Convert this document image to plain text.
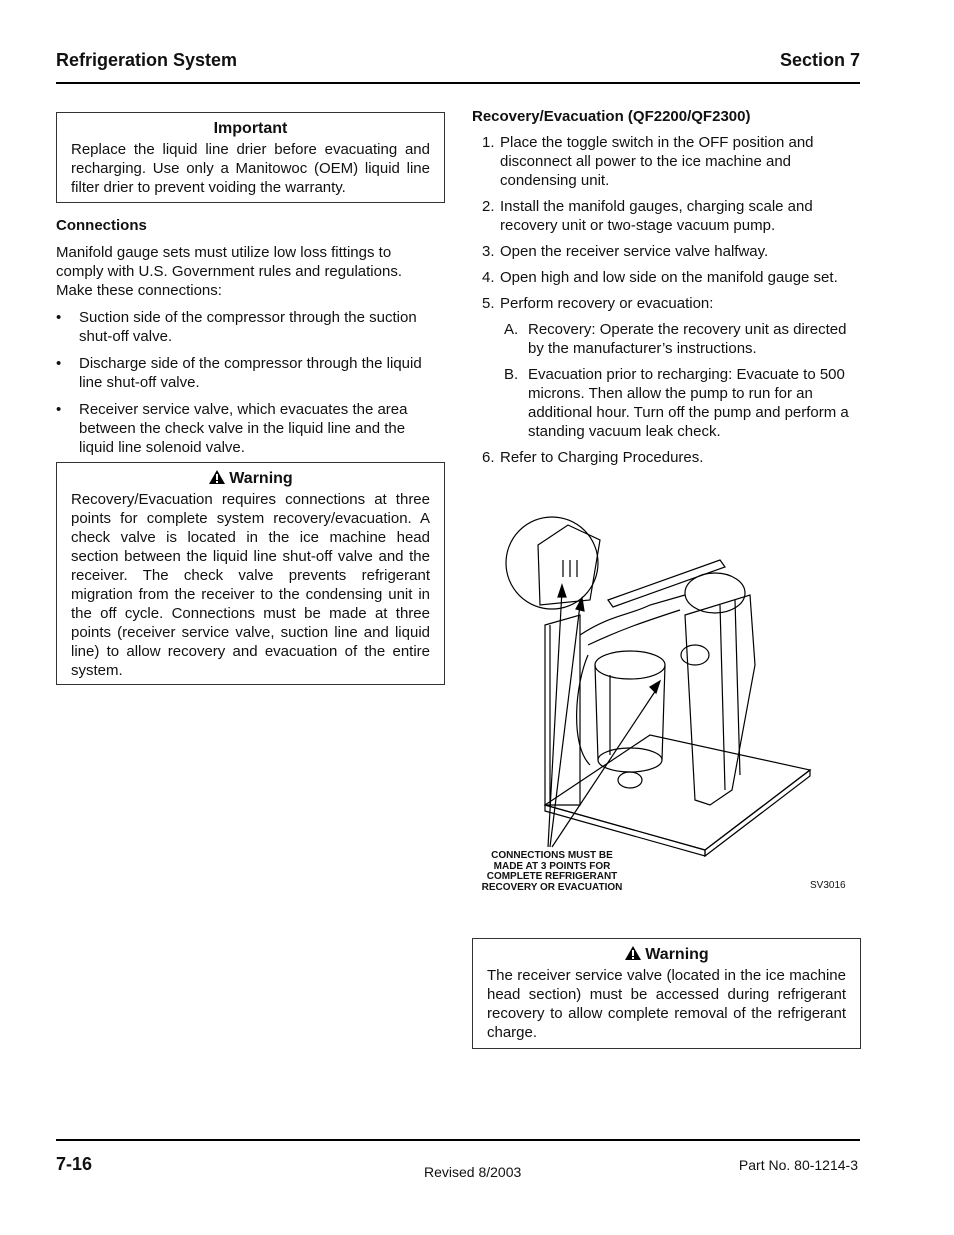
Refrigeration System	Section 7
Important
Replace the liquid line drier before evacuating and recharging. Use only a Manitowoc (OEM) liquid line filter drier to prevent voiding the warranty.
Connections
Manifold gauge sets must utilize low loss fittings to comply with U.S. Government rules and regulations. Make these connections:
• Suction side of the compressor through the suction shut-off valve.
• Discharge side of the compressor through the liquid line shut-off valve.
• Receiver service valve, which evacuates the area between the check valve in the liquid line and the liquid line solenoid valve.
Warning
Recovery/Evacuation requires connections at three points for complete system recovery/evacuation. A check valve is located in the ice machine head section between the liquid line shut-off valve and the receiver. The check valve prevents refrigerant migration from the receiver to the condensing unit in the off cycle. Connections must be made at three points (receiver service valve, suction line and liquid line) to allow recovery and evacuation of the entire system.
Recovery/Evacuation (QF2200/QF2300)
1. Place the toggle switch in the OFF position and disconnect all power to the ice machine and condensing unit.
2. Install the manifold gauges, charging scale and recovery unit or two-stage vacuum pump.
3. Open the receiver service valve halfway.
4. Open high and low side on the manifold gauge set.
5. Perform recovery or evacuation:
A. Recovery: Operate the recovery unit as directed by the manufacturer’s instructions.
B. Evacuation prior to recharging: Evacuate to 500 microns. Then allow the pump to run for an additional hour. Turn off the pump and perform a standing vacuum leak check.
6. Refer to Charging Procedures.
CONNECTIONS MUST BE
MADE AT 3 POINTS FOR
COMPLETE REFRIGERANT
RECOVERY OR EVACUATION	SV3016
Warning
The receiver service valve (located in the ice machine head section) must be accessed during refrigerant recovery to allow complete removal of the refrigerant charge.
7-16	Revised 8/2003	Part No. 80-1214-3
